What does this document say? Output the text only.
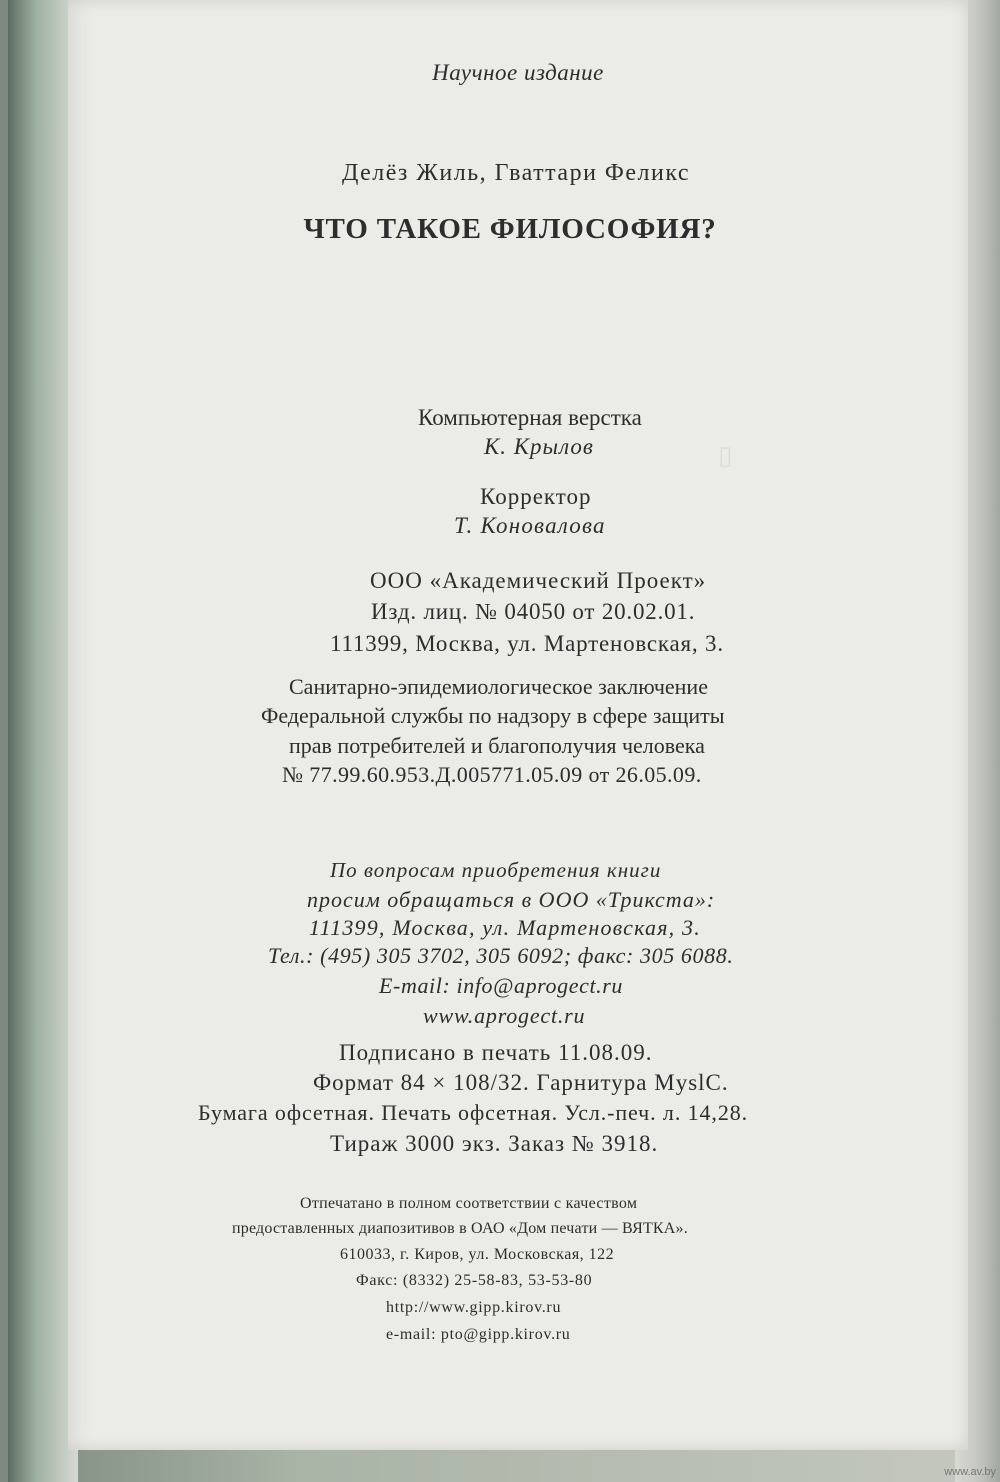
▯
Научное издание
Делёз Жиль, Гваттари Феликс
ЧТО ТАКОЕ ФИЛОСОФИЯ?
Компьютерная верстка
К. Крылов
Корректор
Т. Коновалова
ООО «Академический Проект»
Изд. лиц. № 04050 от 20.02.01.
111399, Москва, ул. Мартеновская, 3.
Санитарно-эпидемиологическое заключение
Федеральной службы по надзору в сфере защиты
прав потребителей и благополучия человека
№ 77.99.60.953.Д.005771.05.09 от 26.05.09.
По вопросам приобретения книги
просим обращаться в ООО «Трикста»:
111399, Москва, ул. Мартеновская, 3.
Тел.: (495) 305 3702, 305 6092; факс: 305 6088.
E-mail: info@aprogect.ru
www.aprogect.ru
Подписано в печать 11.08.09.
Формат 84 × 108/32. Гарнитура MyslC.
Бумага офсетная. Печать офсетная. Усл.-печ. л. 14,28.
Тираж 3000 экз. Заказ № 3918.
Отпечатано в полном соответствии с качеством
предоставленных диапозитивов в ОАО «Дом печати — ВЯТКА».
610033, г. Киров, ул. Московская, 122
Факс: (8332) 25-58-83, 53-53-80
http://www.gipp.kirov.ru
e-mail: pto@gipp.kirov.ru
www.av.by
